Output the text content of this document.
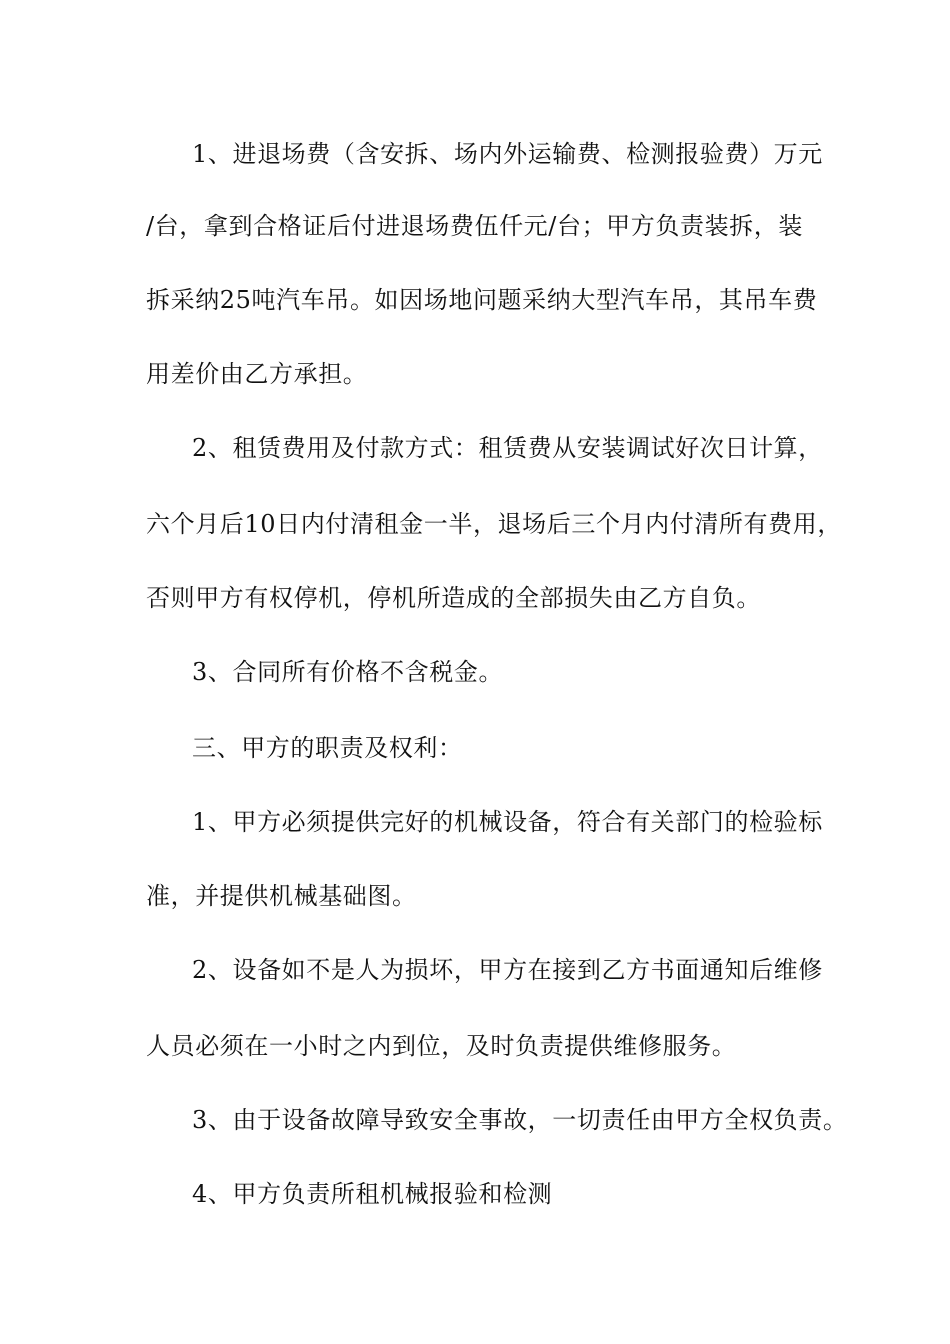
1、进退场费（含安拆、场内外运输费、检测报验费）万元
/台，拿到合格证后付进退场费伍仟元/台；甲方负责装拆，装
拆采纳25吨汽车吊。如因场地问题采纳大型汽车吊，其吊车费
用差价由乙方承担。
2、租赁费用及付款方式：租赁费从安装调试好次日计算，
六个月后10日内付清租金一半，退场后三个月内付清所有费用，
否则甲方有权停机，停机所造成的全部损失由乙方自负。
3、合同所有价格不含税金。
三、甲方的职责及权利：
1、甲方必须提供完好的机械设备，符合有关部门的检验标
准，并提供机械基础图。
2、设备如不是人为损坏，甲方在接到乙方书面通知后维修
人员必须在一小时之内到位，及时负责提供维修服务。
3、由于设备故障导致安全事故，一切责任由甲方全权负责。
4、甲方负责所租机械报验和检测
